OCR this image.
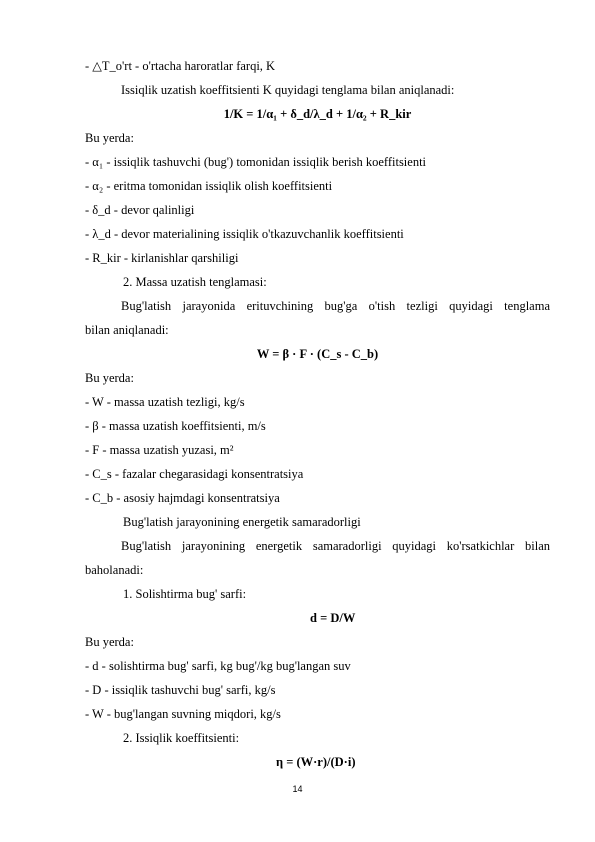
- △T_o'rt - o'rtacha haroratlar farqi, K
Issiqlik uzatish koeffitsienti K quyidagi tenglama bilan aniqlanadi:
1/K = 1/α₁ + δ_d/λ_d + 1/α₂ + R_kir
Bu yerda:
- α₁ - issiqlik tashuvchi (bug') tomonidan issiqlik berish koeffitsienti
- α₂ - eritma tomonidan issiqlik olish koeffitsienti
- δ_d - devor qalinligi
- λ_d - devor materialining issiqlik o'tkazuvchanlik koeffitsienti
- R_kir - kirlanishlar qarshiligi
2. Massa uzatish tenglamasi:
Bug'latish jarayonida erituvchining bug'ga o'tish tezligi quyidagi tenglama
bilan aniqlanadi:
W = β · F · (C_s - C_b)
Bu yerda:
- W - massa uzatish tezligi, kg/s
- β - massa uzatish koeffitsienti, m/s
- F - massa uzatish yuzasi, m²
- C_s - fazalar chegarasidagi konsentratsiya
- C_b - asosiy hajmdagi konsentratsiya
Bug'latish jarayonining energetik samaradorligi
Bug'latish jarayonining energetik samaradorligi quyidagi ko'rsatkichlar bilan
baholanadi:
1. Solishtirma bug' sarfi:
d = D/W
Bu yerda:
- d - solishtirma bug' sarfi, kg bug'/kg bug'langan suv
- D - issiqlik tashuvchi bug' sarfi, kg/s
- W - bug'langan suvning miqdori, kg/s
2. Issiqlik koeffitsienti:
η = (W·r)/(D·i)
14
